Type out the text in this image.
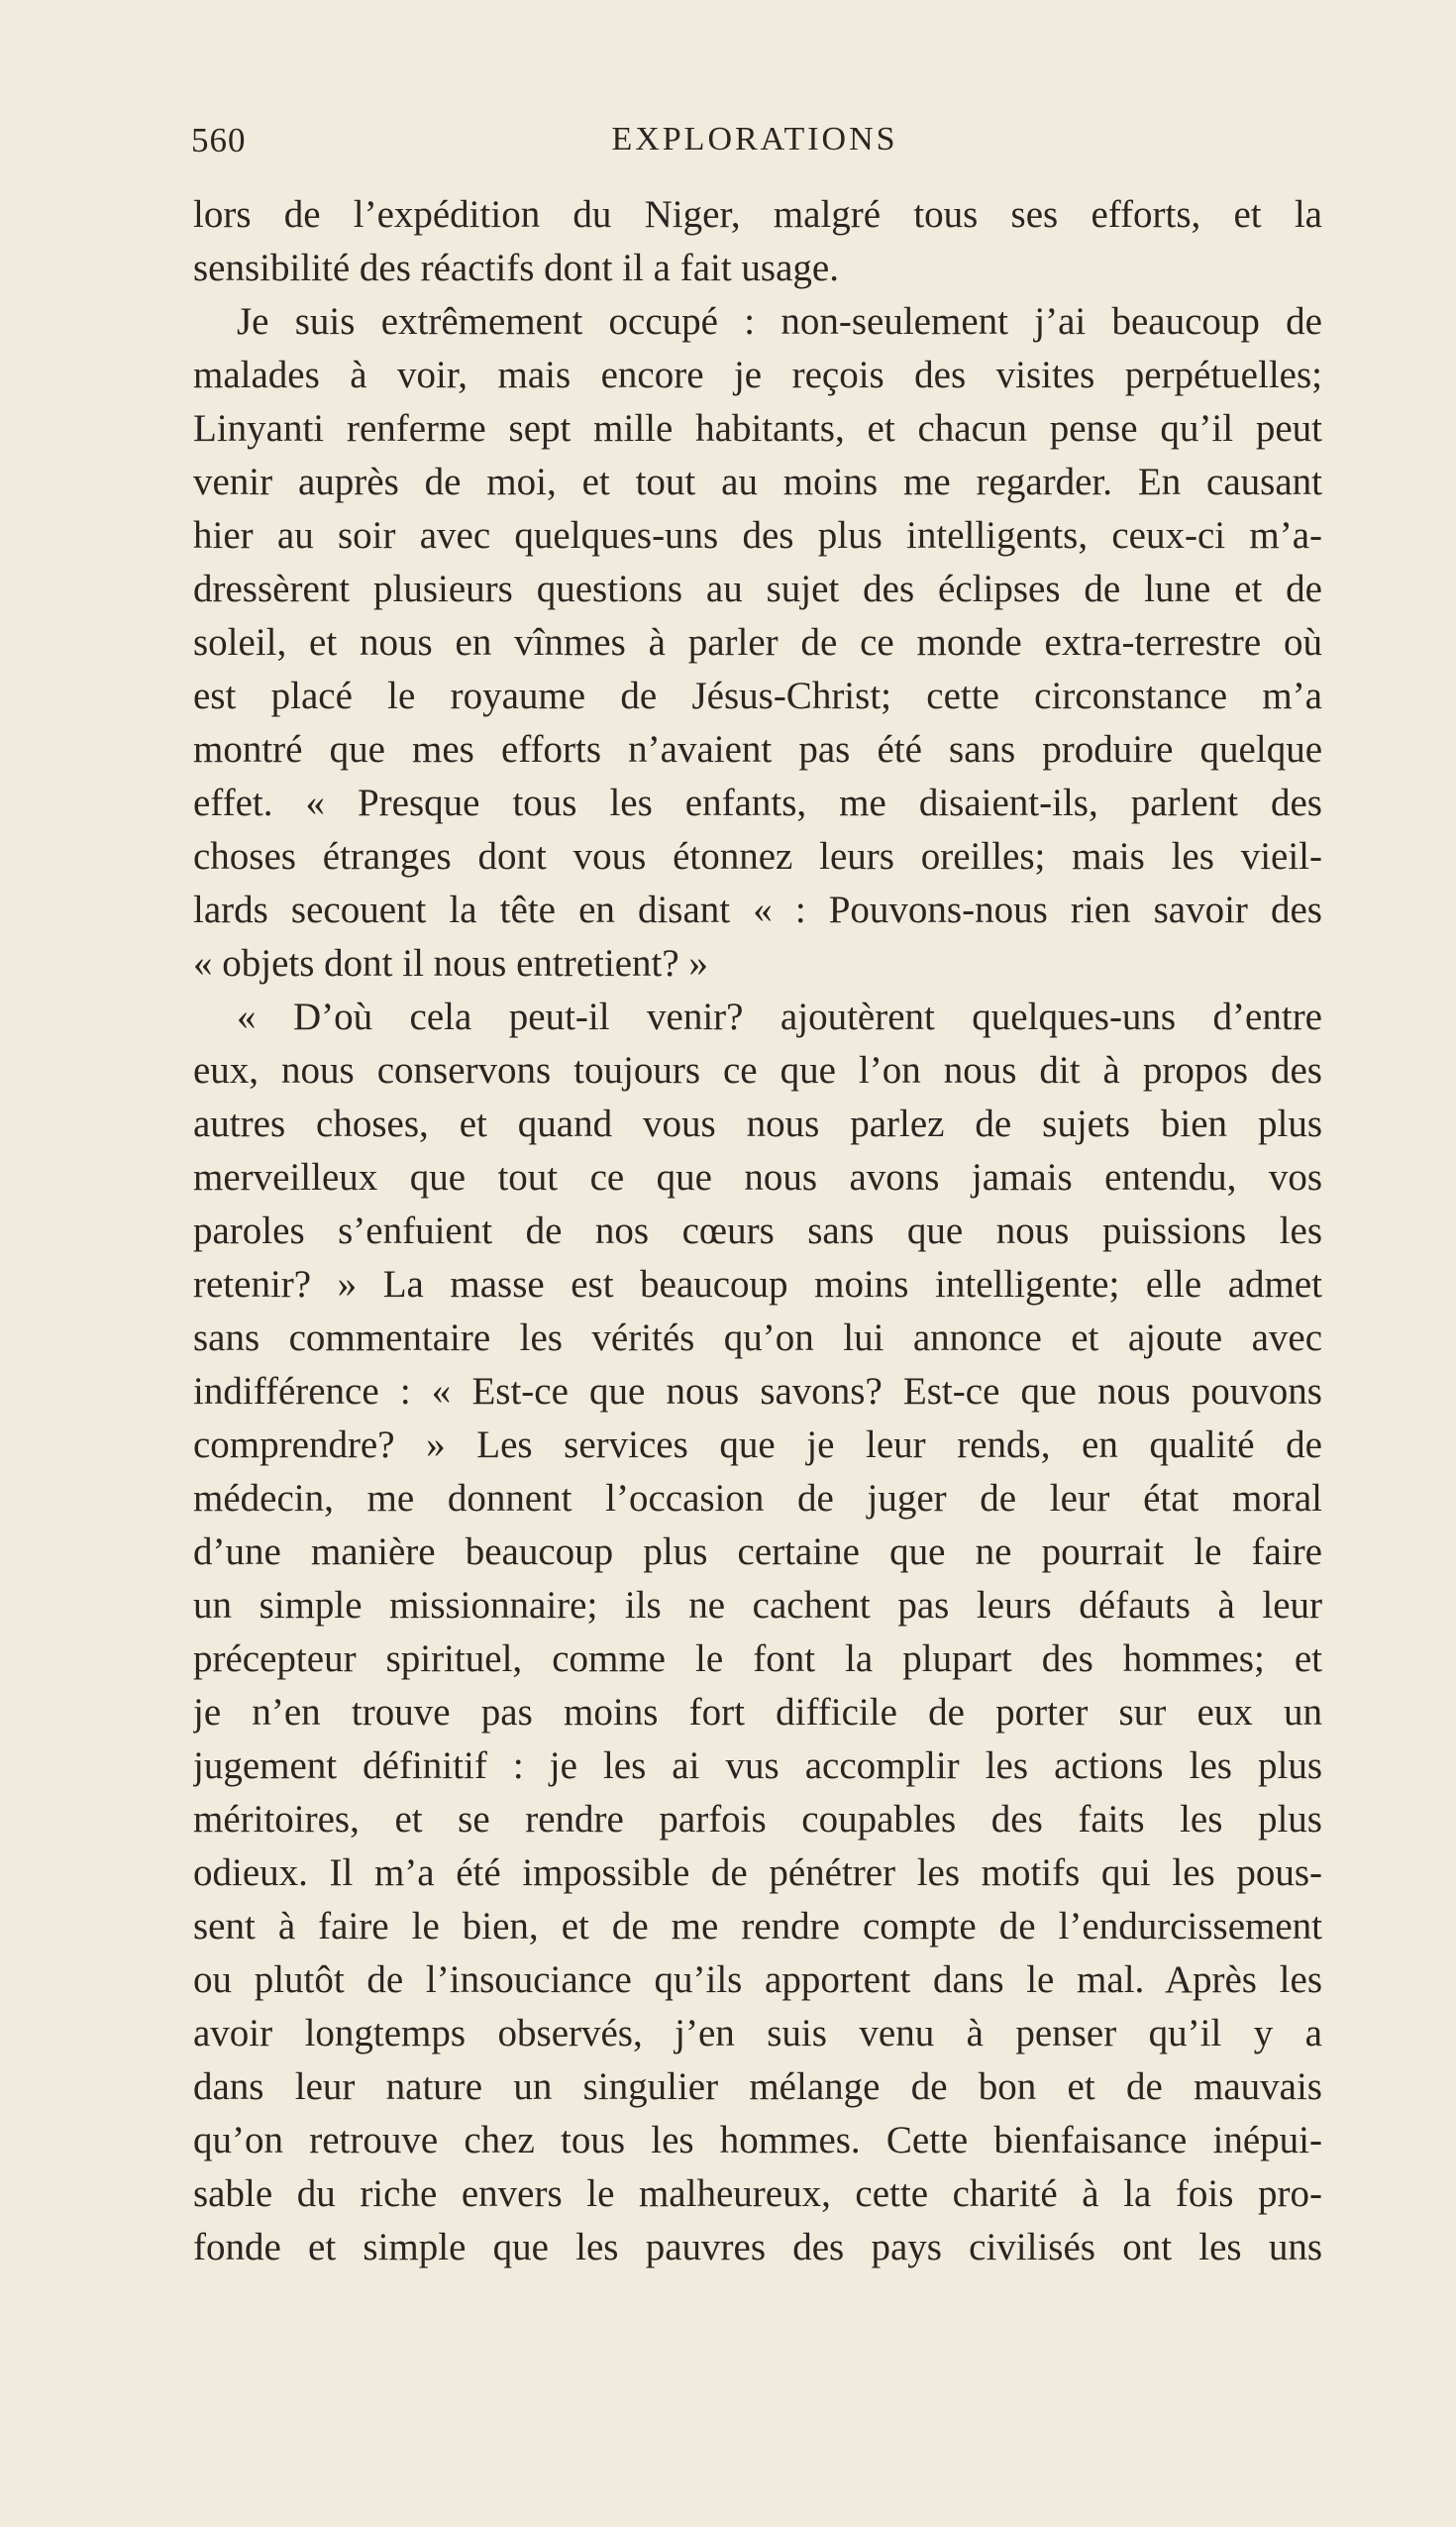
560	EXPLORATIONS
lors de l’expédition du Niger, malgré tous ses efforts, et la
sensibilité des réactifs dont il a fait usage.
Je suis extrêmement occupé : non-seulement j’ai beaucoup de
malades à voir, mais encore je reçois des visites perpétuelles;
Linyanti renferme sept mille habitants, et chacun pense qu’il peut
venir auprès de moi, et tout au moins me regarder. En causant
hier au soir avec quelques-uns des plus intelligents, ceux-ci m’a-
dressèrent plusieurs questions au sujet des éclipses de lune et de
soleil, et nous en vînmes à parler de ce monde extra-terrestre où
est placé le royaume de Jésus-Christ; cette circonstance m’a
montré que mes efforts n’avaient pas été sans produire quelque
effet. « Presque tous les enfants, me disaient-ils, parlent des
choses étranges dont vous étonnez leurs oreilles; mais les vieil-
lards secouent la tête en disant « : Pouvons-nous rien savoir des
« objets dont il nous entretient? »
« D’où cela peut-il venir? ajoutèrent quelques-uns d’entre
eux, nous conservons toujours ce que l’on nous dit à propos des
autres choses, et quand vous nous parlez de sujets bien plus
merveilleux que tout ce que nous avons jamais entendu, vos
paroles s’enfuient de nos cœurs sans que nous puissions les
retenir? » La masse est beaucoup moins intelligente; elle admet
sans commentaire les vérités qu’on lui annonce et ajoute avec
indifférence : « Est-ce que nous savons? Est-ce que nous pouvons
comprendre? » Les services que je leur rends, en qualité de
médecin, me donnent l’occasion de juger de leur état moral
d’une manière beaucoup plus certaine que ne pourrait le faire
un simple missionnaire; ils ne cachent pas leurs défauts à leur
précepteur spirituel, comme le font la plupart des hommes; et
je n’en trouve pas moins fort difficile de porter sur eux un
jugement définitif : je les ai vus accomplir les actions les plus
méritoires, et se rendre parfois coupables des faits les plus
odieux. Il m’a été impossible de pénétrer les motifs qui les pous-
sent à faire le bien, et de me rendre compte de l’endurcissement
ou plutôt de l’insouciance qu’ils apportent dans le mal. Après les
avoir longtemps observés, j’en suis venu à penser qu’il y a
dans leur nature un singulier mélange de bon et de mauvais
qu’on retrouve chez tous les hommes. Cette bienfaisance inépui-
sable du riche envers le malheureux, cette charité à la fois pro-
fonde et simple que les pauvres des pays civilisés ont les uns
